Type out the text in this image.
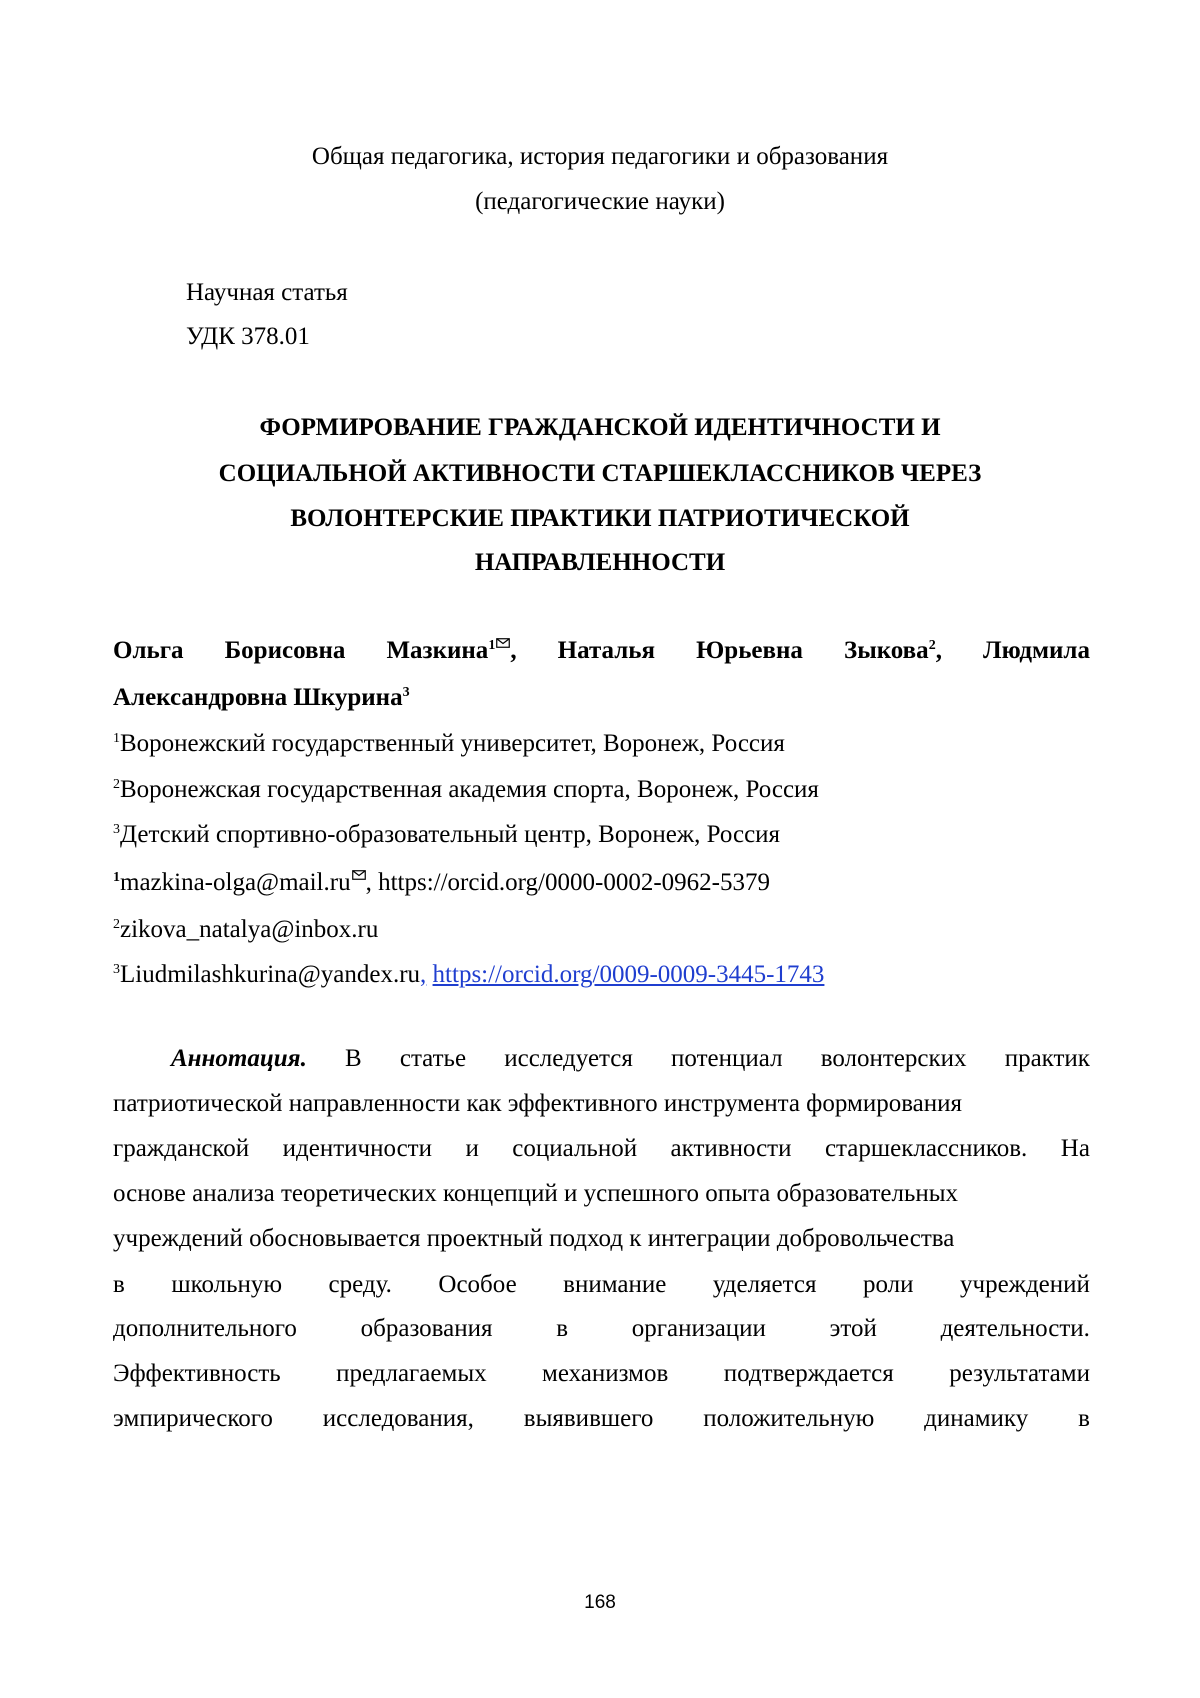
Общая педагогика, история педагогики и образования
(педагогические науки)
Научная статья
УДК 378.01
ФОРМИРОВАНИЕ ГРАЖДАНСКОЙ ИДЕНТИЧНОСТИ И
СОЦИАЛЬНОЙ АКТИВНОСТИ СТАРШЕКЛАССНИКОВ ЧЕРЕЗ
ВОЛОНТЕРСКИЕ ПРАКТИКИ ПАТРИОТИЧЕСКОЙ
НАПРАВЛЕННОСТИ
Ольга Борисовна Мазкина$^1$ , Наталья Юрьевна Зыкова$^2$, Людмила
Александровна Шкурина$^3$
$^1$Воронежский государственный университет, Воронеж, Россия
$^2$Воронежская государственная академия спорта, Воронеж, Россия
$^3$Детский спортивно-образовательный центр, Воронеж, Россия
$^1$mazkina-olga@mail.ru , https://orcid.org/0000-0002-0962-5379
$^2$zikova_natalya@inbox.ru
$^3$Liudmilashkurina@yandex.ru, https://orcid.org/0009-0009-3445-1743
Аннотация. В статье исследуется потенциал волонтерских практик
патриотической направленности как эффективного инструмента формирования
гражданской идентичности и социальной активности старшеклассников. На
основе анализа теоретических концепций и успешного опыта образовательных
учреждений обосновывается проектный подход к интеграции добровольчества
в школьную среду. Особое внимание уделяется роли учреждений
дополнительного	образования	в	организации	этой	деятельности.
Эффективность предлагаемых механизмов подтверждается результатами
эмпирического исследования, выявившего положительную динамику в
168
